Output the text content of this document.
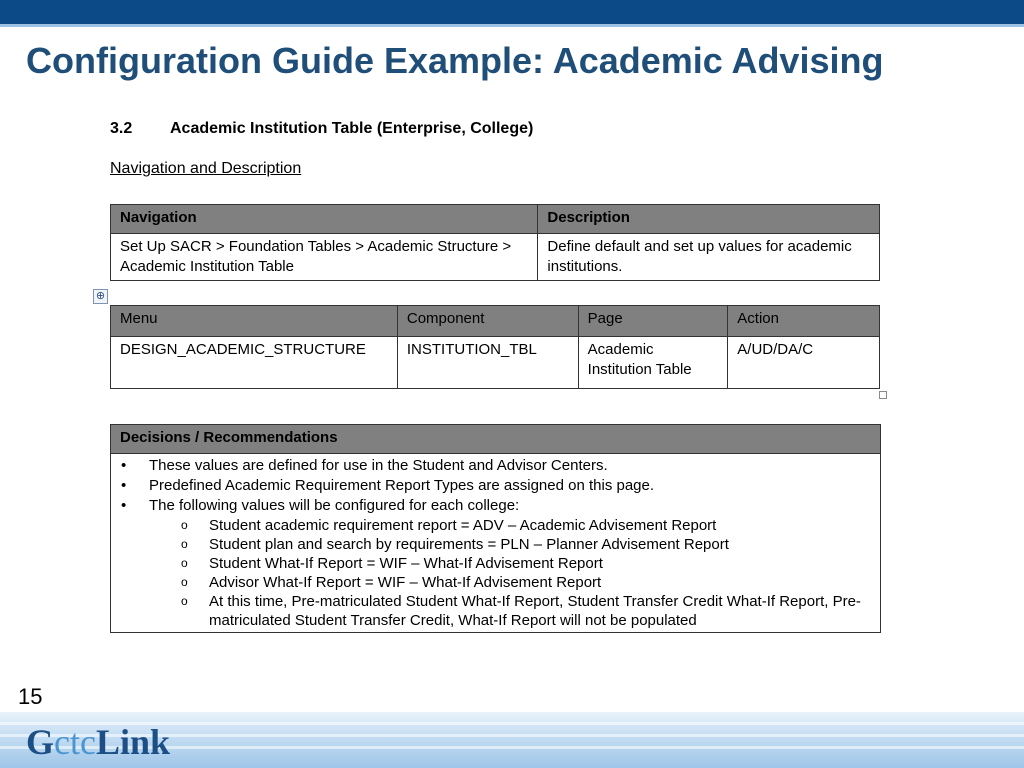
Configuration Guide Example: Academic Advising
3.2 Academic Institution Table (Enterprise, College)
Navigation and Description
Navigation	Description
Set Up SACR > Foundation Tables > Academic Structure > Academic Institution Table	Define default and set up values for academic institutions.
⊕
Menu	Component	Page	Action
DESIGN_ACADEMIC_STRUCTURE	INSTITUTION_TBL	Academic Institution Table	A/UD/DA/C
Decisions / Recommendations

• These values are defined for use in the Student and Advisor Centers.
• Predefined Academic Requirement Report Types are assigned on this page.
• The following values will be configured for each college:
o Student academic requirement report = ADV – Academic Advisement Report
o Student plan and search by requirements = PLN – Planner Advisement Report
o Student What-If Report = WIF – What-If Advisement Report
o Advisor What-If Report = WIF – What-If Advisement Report
o At this time, Pre-matriculated Student What-If Report, Student Transfer Credit What-If Report, Pre-matriculated Student Transfer Credit, What-If Report will not be populated
15
GctcLink
